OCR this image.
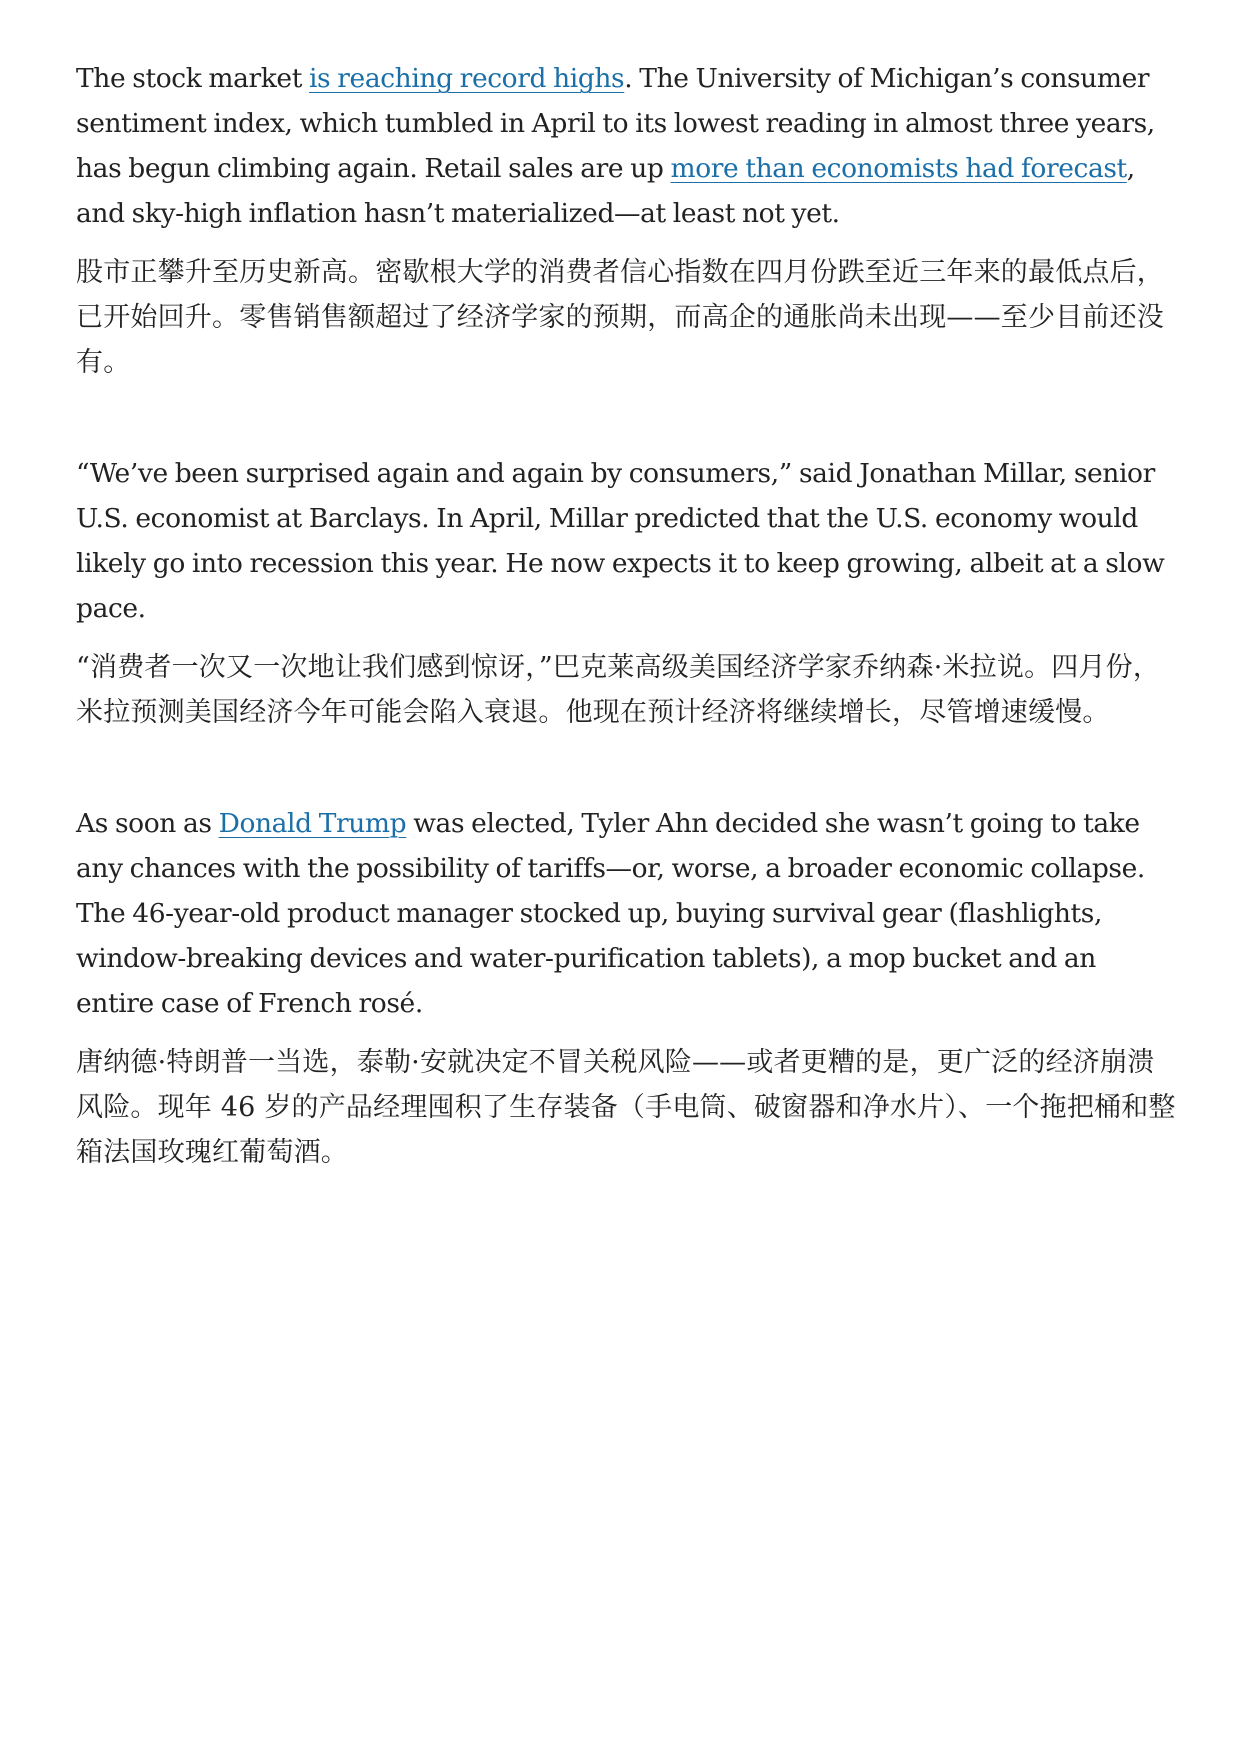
The stock market is reaching record highs. The University of Michigan’s consumer sentiment index, which tumbled in April to its lowest reading in almost three years, has begun climbing again. Retail sales are up more than economists had forecast, and sky-high inflation hasn’t materialized—at least not yet.

股市正攀升至历史新高。密歇根大学的消费者信心指数在四月份跌至近三年来的最低点后，已开始回升。零售销售额超过了经济学家的预期，而高企的通胀尚未出现——至少目前还没有。

“We’ve been surprised again and again by consumers,” said Jonathan Millar, senior U.S. economist at Barclays. In April, Millar predicted that the U.S. economy would likely go into recession this year. He now expects it to keep growing, albeit at a slow pace.

“消费者一次又一次地让我们感到惊讶，”巴克莱高级美国经济学家乔纳森·米拉说。四月份，米拉预测美国经济今年可能会陷入衰退。他现在预计经济将继续增长，尽管增速缓慢。

As soon as Donald Trump was elected, Tyler Ahn decided she wasn’t going to take any chances with the possibility of tariffs—or, worse, a broader economic collapse. The 46-year-old product manager stocked up, buying survival gear (flashlights, window-breaking devices and water-purification tablets), a mop bucket and an entire case of French rosé.

唐纳德·特朗普一当选，泰勒·安就决定不冒关税风险——或者更糟的是，更广泛的经济崩溃风险。现年 46 岁的产品经理囤积了生存装备（手电筒、破窗器和净水片）、一个拖把桶和整箱法国玫瑰红葡萄酒。
